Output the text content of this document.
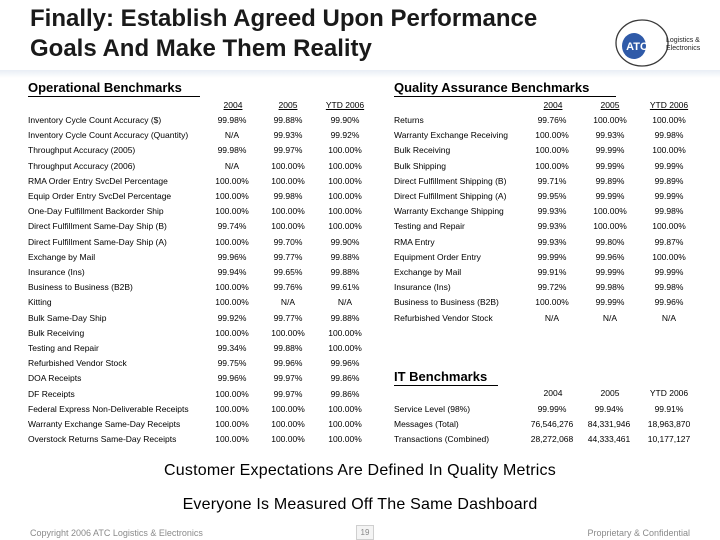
Finally: Establish Agreed Upon Performance
Goals And Make Them Reality	ATC
Logistics &
Electronics
Operational Benchmarks
2004	2005	YTD 2006
Inventory Cycle Count Accuracy ($)	99.98%	99.88%	99.90%
Inventory Cycle Count Accuracy (Quantity)	N/A	99.93%	99.92%
Throughput Accuracy (2005)	99.98%	99.97%	100.00%
Throughput Accuracy (2006)	N/A	100.00%	100.00%
RMA Order Entry SvcDel Percentage	100.00%	100.00%	100.00%
Equip Order Entry SvcDel Percentage	100.00%	99.98%	100.00%
One-Day Fulfillment Backorder Ship	100.00%	100.00%	100.00%
Direct Fulfillment Same-Day Ship (B)	99.74%	100.00%	100.00%
Direct Fulfillment Same-Day Ship (A)	100.00%	99.70%	99.90%
Exchange by Mail	99.96%	99.77%	99.88%
Insurance (Ins)	99.94%	99.65%	99.88%
Business to Business (B2B)	100.00%	99.76%	99.61%
Kitting	100.00%	N/A	N/A
Bulk Same-Day Ship	99.92%	99.77%	99.88%
Bulk Receiving	100.00%	100.00%	100.00%
Testing and Repair	99.34%	99.88%	100.00%
Refurbished Vendor Stock	99.75%	99.96%	99.96%
DOA Receipts	99.96%	99.97%	99.86%
DF Receipts	100.00%	99.97%	99.86%
Federal Express Non-Deliverable Receipts	100.00%	100.00%	100.00%
Warranty Exchange Same-Day Receipts	100.00%	100.00%	100.00%
Overstock Returns Same-Day Receipts	100.00%	100.00%	100.00%
Quality Assurance Benchmarks
2004	2005	YTD 2006
Returns	99.76%	100.00%	100.00%
Warranty Exchange Receiving	100.00%	99.93%	99.98%
Bulk Receiving	100.00%	99.99%	100.00%
Bulk Shipping	100.00%	99.99%	99.99%
Direct Fulfillment Shipping (B)	99.71%	99.89%	99.89%
Direct Fulfillment Shipping (A)	99.95%	99.99%	99.99%
Warranty Exchange Shipping	99.93%	100.00%	99.98%
Testing and Repair	99.93%	100.00%	100.00%
RMA Entry	99.93%	99.80%	99.87%
Equipment Order Entry	99.99%	99.96%	100.00%
Exchange by Mail	99.91%	99.99%	99.99%
Insurance (Ins)	99.72%	99.98%	99.98%
Business to Business (B2B)	100.00%	99.99%	99.96%
Refurbished Vendor Stock	N/A	N/A	N/A
IT Benchmarks
2004	2005	YTD 2006
Service Level (98%)	99.99%	99.94%	99.91%
Messages (Total)	76,546,276	84,331,946	18,963,870
Transactions (Combined)	28,272,068	44,333,461	10,177,127
Customer Expectations Are Defined In Quality Metrics
Everyone Is Measured Off The Same Dashboard
Copyright 2006 ATC Logistics & Electronics	19	Proprietary & Confidential
